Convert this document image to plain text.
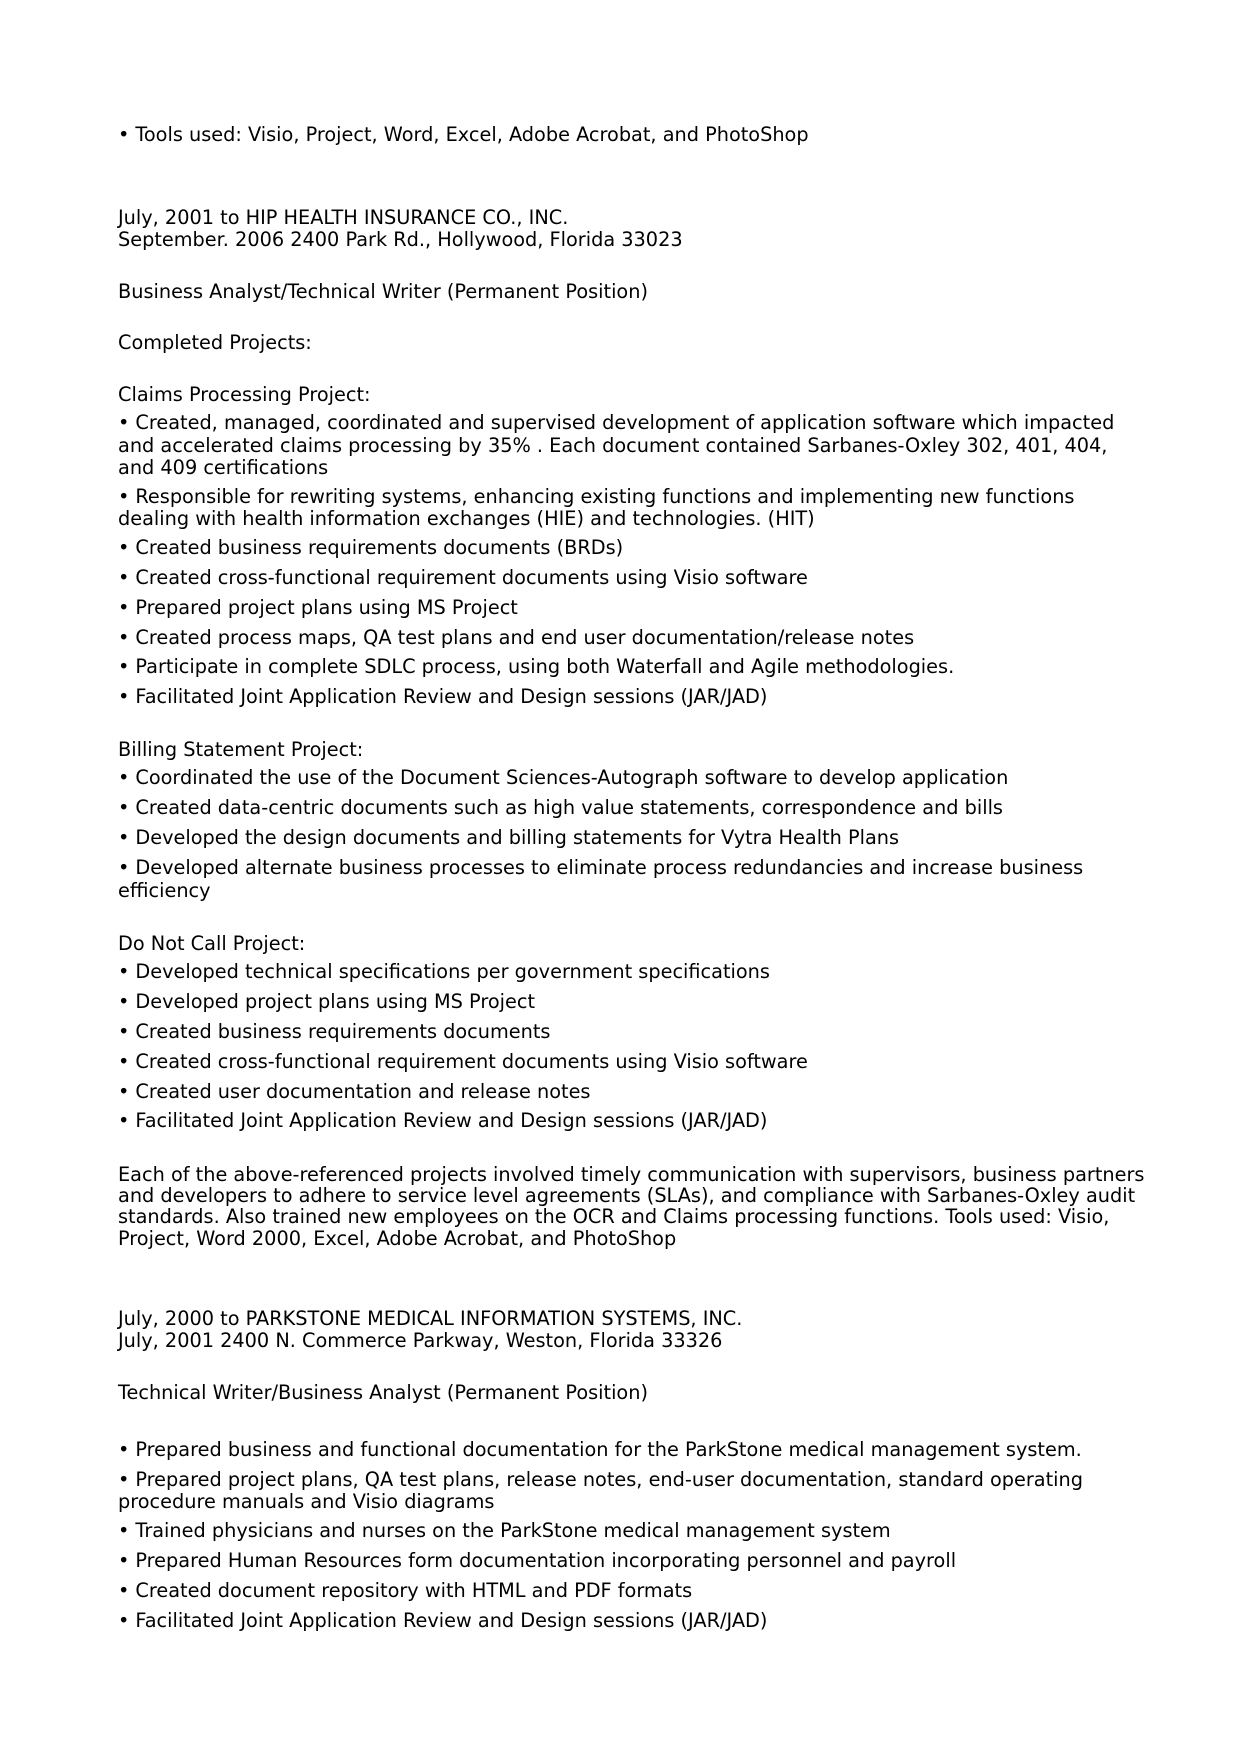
• Tools used: Visio, Project, Word, Excel, Adobe Acrobat, and PhotoShop
July, 2001 to HIP HEALTH INSURANCE CO., INC.
September. 2006 2400 Park Rd., Hollywood, Florida 33023
Business Analyst/Technical Writer (Permanent Position)
Completed Projects:
Claims Processing Project:
• Created, managed, coordinated and supervised development of application software which impacted
and accelerated claims processing by 35% . Each document contained Sarbanes-Oxley 302, 401, 404,
and 409 certifications
• Responsible for rewriting systems, enhancing existing functions and implementing new functions
dealing with health information exchanges (HIE) and technologies. (HIT)
• Created business requirements documents (BRDs)
• Created cross-functional requirement documents using Visio software
• Prepared project plans using MS Project
• Created process maps, QA test plans and end user documentation/release notes
• Participate in complete SDLC process, using both Waterfall and Agile methodologies.
• Facilitated Joint Application Review and Design sessions (JAR/JAD)
Billing Statement Project:
• Coordinated the use of the Document Sciences-Autograph software to develop application
• Created data-centric documents such as high value statements, correspondence and bills
• Developed the design documents and billing statements for Vytra Health Plans
• Developed alternate business processes to eliminate process redundancies and increase business
efficiency
Do Not Call Project:
• Developed technical specifications per government specifications
• Developed project plans using MS Project
• Created business requirements documents
• Created cross-functional requirement documents using Visio software
• Created user documentation and release notes
• Facilitated Joint Application Review and Design sessions (JAR/JAD)
Each of the above-referenced projects involved timely communication with supervisors, business partners
and developers to adhere to service level agreements (SLAs), and compliance with Sarbanes-Oxley audit
standards. Also trained new employees on the OCR and Claims processing functions. Tools used: Visio,
Project, Word 2000, Excel, Adobe Acrobat, and PhotoShop
July, 2000 to PARKSTONE MEDICAL INFORMATION SYSTEMS, INC.
July, 2001 2400 N. Commerce Parkway, Weston, Florida 33326
Technical Writer/Business Analyst (Permanent Position)
• Prepared business and functional documentation for the ParkStone medical management system.
• Prepared project plans, QA test plans, release notes, end-user documentation, standard operating
procedure manuals and Visio diagrams
• Trained physicians and nurses on the ParkStone medical management system
• Prepared Human Resources form documentation incorporating personnel and payroll
• Created document repository with HTML and PDF formats
• Facilitated Joint Application Review and Design sessions (JAR/JAD)
